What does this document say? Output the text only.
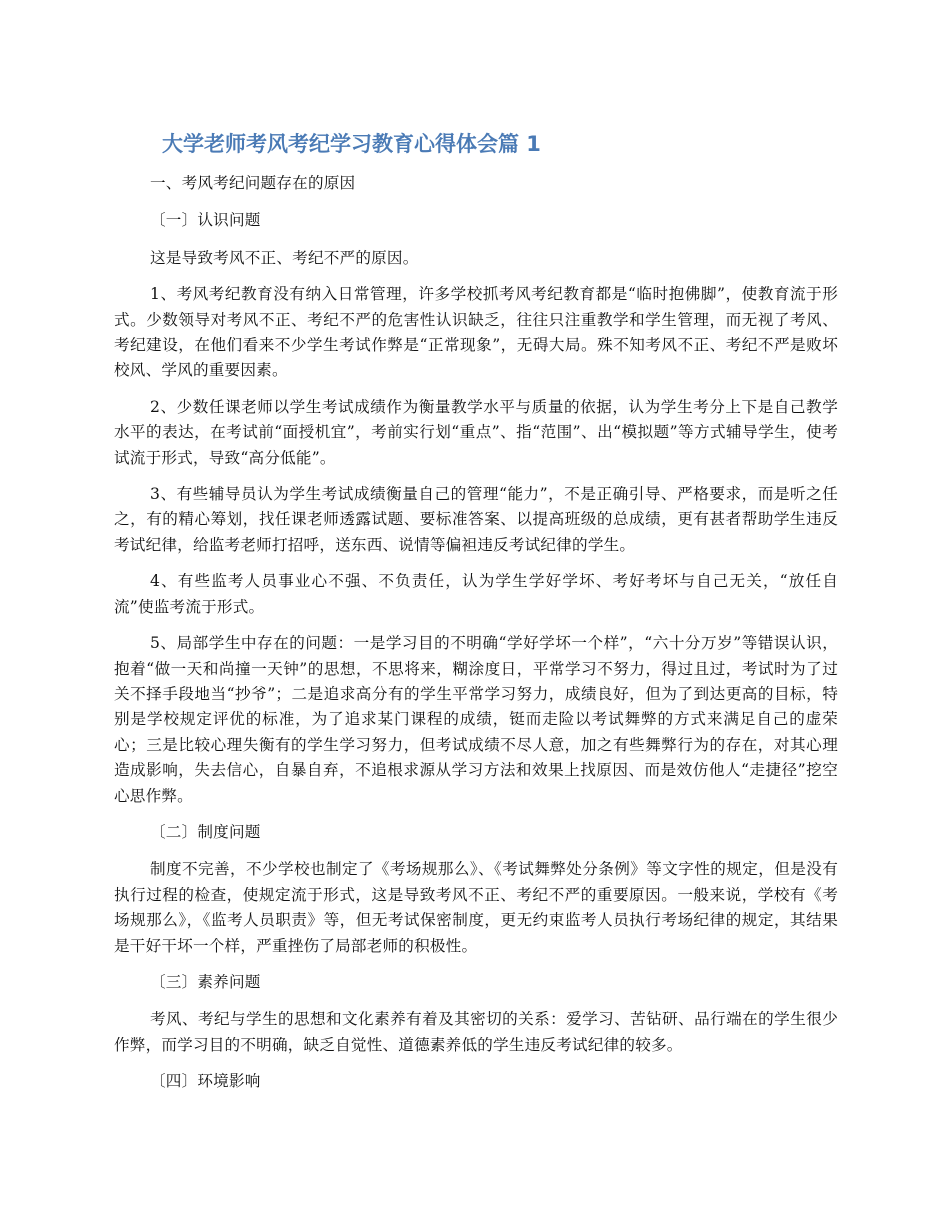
大学老师考风考纪学习教育心得体会篇 1

一、考风考纪问题存在的原因

〔一〕认识问题

这是导致考风不正、考纪不严的原因。

1、考风考纪教育没有纳入日常管理，许多学校抓考风考纪教育都是“临时抱佛脚”，使教育流于形式。少数领导对考风不正、考纪不严的危害性认识缺乏，往往只注重教学和学生管理，而无视了考风、考纪建设，在他们看来不少学生考试作弊是“正常现象”，无碍大局。殊不知考风不正、考纪不严是败坏校风、学风的重要因素。

2、少数任课老师以学生考试成绩作为衡量教学水平与质量的依据，认为学生考分上下是自己教学水平的表达，在考试前“面授机宜”，考前实行划“重点”、指“范围”、出“模拟题”等方式辅导学生，使考试流于形式，导致“高分低能”。

3、有些辅导员认为学生考试成绩衡量自己的管理“能力”，不是正确引导、严格要求，而是听之任之，有的精心筹划，找任课老师透露试题、要标准答案、以提高班级的总成绩，更有甚者帮助学生违反考试纪律，给监考老师打招呼，送东西、说情等偏袒违反考试纪律的学生。

4、有些监考人员事业心不强、不负责任，认为学生学好学坏、考好考坏与自己无关，“放任自流”使监考流于形式。

5、局部学生中存在的问题：一是学习目的不明确“学好学坏一个样”，“六十分万岁”等错误认识，抱着“做一天和尚撞一天钟”的思想，不思将来，糊涂度日，平常学习不努力，得过且过，考试时为了过关不择手段地当“抄爷”；二是追求高分有的学生平常学习努力，成绩良好，但为了到达更高的目标，特别是学校规定评优的标准，为了追求某门课程的成绩，铤而走险以考试舞弊的方式来满足自己的虚荣心；三是比较心理失衡有的学生学习努力，但考试成绩不尽人意，加之有些舞弊行为的存在，对其心理造成影响，失去信心，自暴自弃，不追根求源从学习方法和效果上找原因、而是效仿他人“走捷径”挖空心思作弊。

〔二〕制度问题

制度不完善，不少学校也制定了《考场规那么》、《考试舞弊处分条例》等文字性的规定，但是没有执行过程的检查，使规定流于形式，这是导致考风不正、考纪不严的重要原因。一般来说，学校有《考场规那么》，《监考人员职责》等，但无考试保密制度，更无约束监考人员执行考场纪律的规定，其结果是干好干坏一个样，严重挫伤了局部老师的积极性。

〔三〕素养问题

考风、考纪与学生的思想和文化素养有着及其密切的关系：爱学习、苦钻研、品行端在的学生很少作弊，而学习目的不明确，缺乏自觉性、道德素养低的学生违反考试纪律的较多。

〔四〕环境影响
